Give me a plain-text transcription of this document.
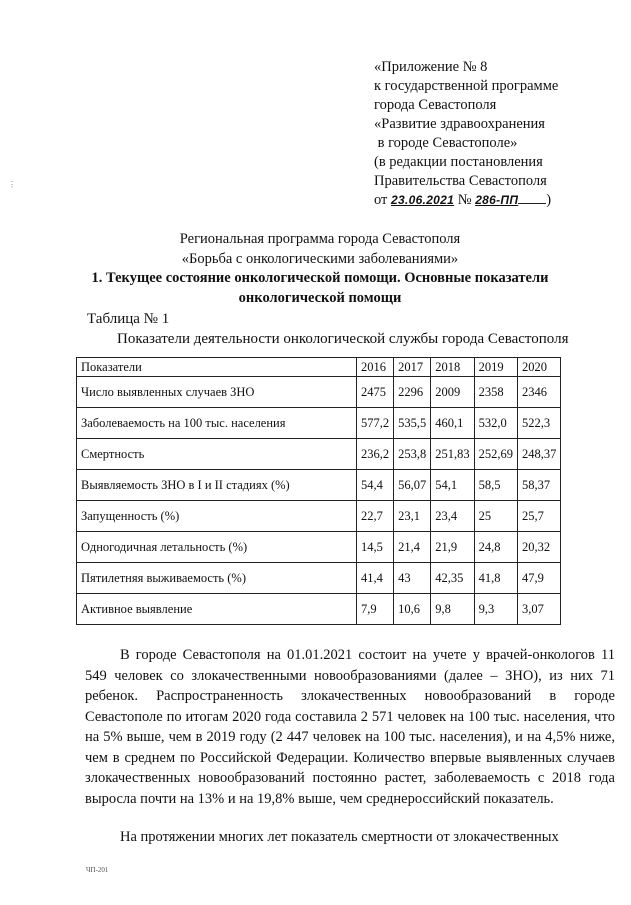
⋮
«Приложение № 8
к государственной программе
города Севастополя
«Развитие здравоохранения
в городе Севастополе»
(в редакции постановления
Правительства Севастополя
от 23.06.2021 № 286-ПП )
Региональная программа города Севастополя
«Борьба с онкологическими заболеваниями»
1. Текущее состояние онкологической помощи. Основные показатели
онкологической помощи
Таблица № 1
Показатели деятельности онкологической службы города Севастополя
Показатели	2016	2017	2018	2019	2020
Число выявленных случаев ЗНО	2475	2296	2009	2358	2346
Заболеваемость на 100 тыс. населения	577,2	535,5	460,1	532,0	522,3
Смертность	236,2	253,8	251,83	252,69	248,37
Выявляемость ЗНО в I и II стадиях (%)	54,4	56,07	54,1	58,5	58,37
Запущенность (%)	22,7	23,1	23,4	25	25,7
Одногодичная летальность (%)	14,5	21,4	21,9	24,8	20,32
Пятилетняя выживаемость (%)	41,4	43	42,35	41,8	47,9
Активное выявление	7,9	10,6	9,8	9,3	3,07
В городе Севастополя на 01.01.2021 состоит на учете у врачей-онкологов 11 549 человек со злокачественными новообразованиями (далее – ЗНО), из них 71 ребенок. Распространенность злокачественных новообразований в городе Севастополе по итогам 2020 года составила 2 571 человек на 100 тыс. населения, что на 5% выше, чем в 2019 году (2 447 человек на 100 тыс. населения), и на 4,5% ниже, чем в среднем по Российской Федерации. Количество впервые выявленных случаев злокачественных новообразований постоянно растет, заболеваемость с 2018 года выросла почти на 13% и на 19,8% выше, чем среднероссийский показатель.
На протяжении многих лет показатель смертности от злокачественных
ЧП-201
